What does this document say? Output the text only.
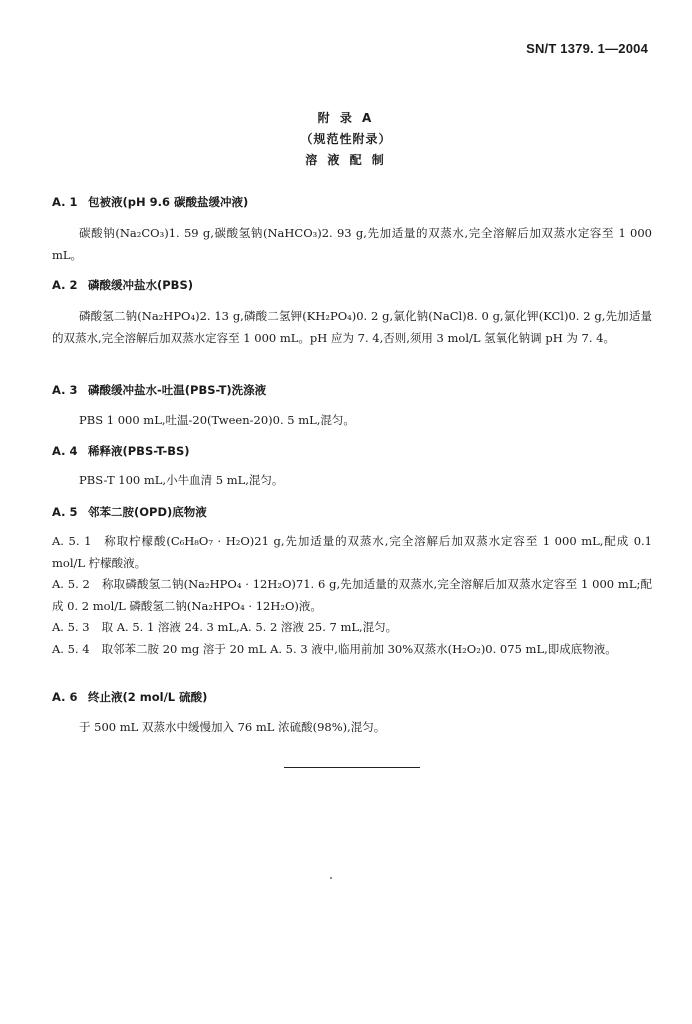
SN/T 1379. 1—2004
附 录 A
（规范性附录）
溶 液 配 制
A. 1 包被液(pH 9.6 碳酸盐缓冲液)
碳酸钠(Na₂CO₃)1. 59 g,碳酸氢钠(NaHCO₃)2. 93 g,先加适量的双蒸水,完全溶解后加双蒸水定容至 1 000 mL。
A. 2 磷酸缓冲盐水(PBS)
磷酸氢二钠(Na₂HPO₄)2. 13 g,磷酸二氢钾(KH₂PO₄)0. 2 g,氯化钠(NaCl)8. 0 g,氯化钾(KCl)0. 2 g,先加适量的双蒸水,完全溶解后加双蒸水定容至 1 000 mL。pH 应为 7. 4,否则,须用 3 mol/L 氢氧化钠调 pH 为 7. 4。
A. 3 磷酸缓冲盐水-吐温(PBS-T)洗涤液
PBS 1 000 mL,吐温-20(Tween-20)0. 5 mL,混匀。
A. 4 稀释液(PBS-T-BS)
PBS-T 100 mL,小牛血清 5 mL,混匀。
A. 5 邻苯二胺(OPD)底物液
A. 5. 1 称取柠檬酸(C₆H₈O₇ · H₂O)21 g,先加适量的双蒸水,完全溶解后加双蒸水定容至 1 000 mL,配成 0.1 mol/L 柠檬酸液。
A. 5. 2 称取磷酸氢二钠(Na₂HPO₄ · 12H₂O)71. 6 g,先加适量的双蒸水,完全溶解后加双蒸水定容至 1 000 mL;配成 0. 2 mol/L 磷酸氢二钠(Na₂HPO₄ · 12H₂O)液。
A. 5. 3 取 A. 5. 1 溶液 24. 3 mL,A. 5. 2 溶液 25. 7 mL,混匀。
A. 5. 4 取邻苯二胺 20 mg 溶于 20 mL A. 5. 3 液中,临用前加 30%双蒸水(H₂O₂)0. 075 mL,即成底物液。
A. 6 终止液(2 mol/L 硫酸)
于 500 mL 双蒸水中缓慢加入 76 mL 浓硫酸(98%),混匀。
